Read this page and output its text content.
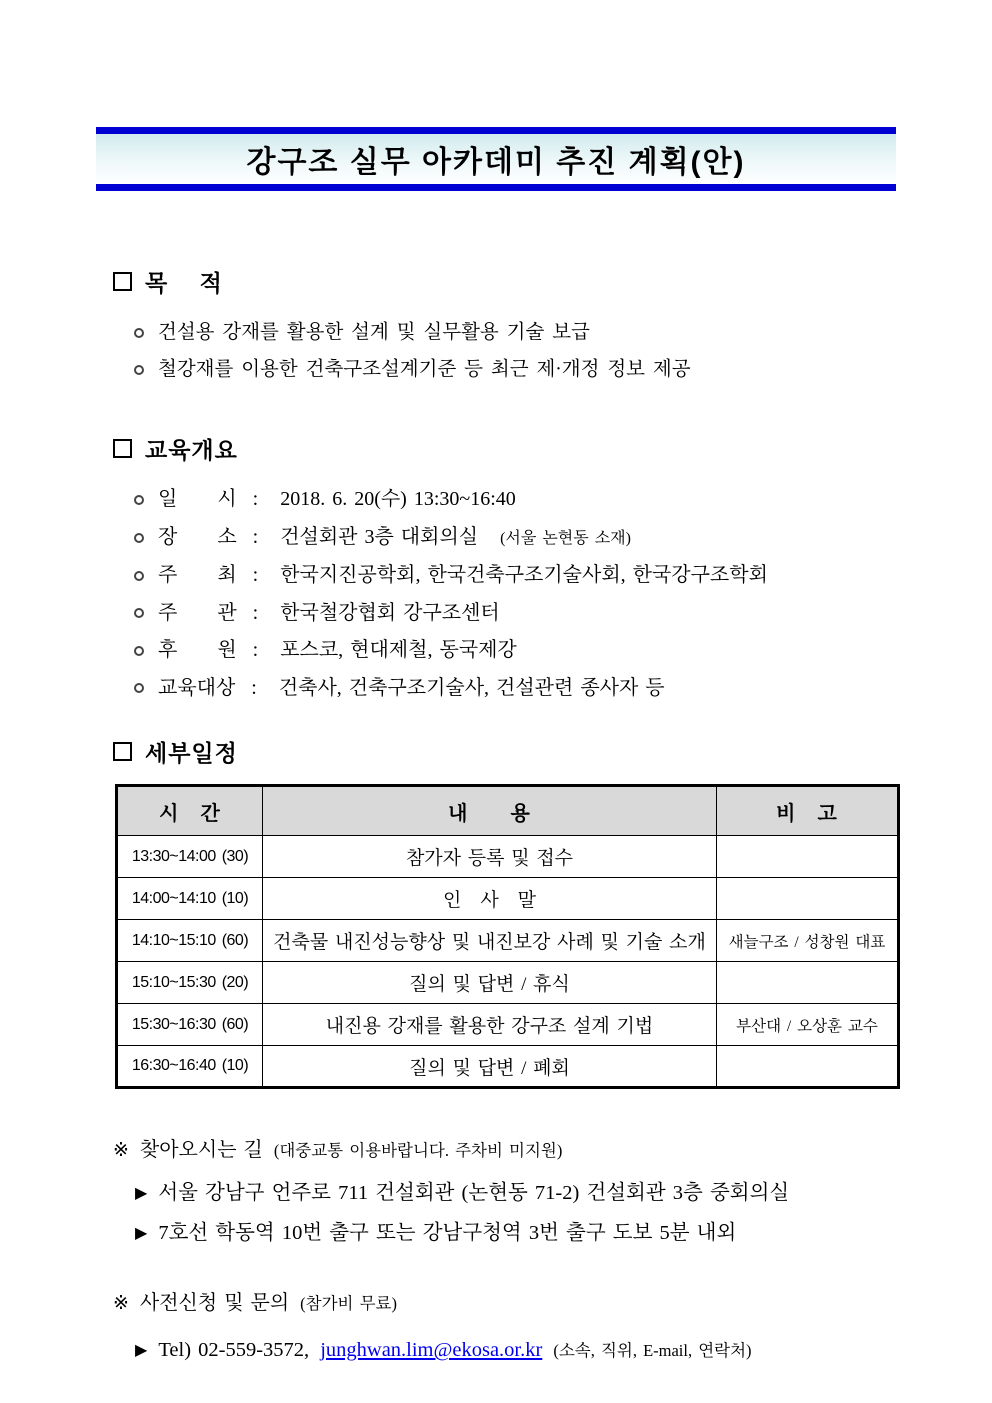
강구조 실무 아카데미 추진 계획(안)
목　 적
건설용 강재를 활용한 설계 및 실무활용 기술 보급
철강재를 이용한 건축구조설계기준 등 최근 제·개정 정보 제공
교육개요
일　　시 : 2018. 6. 20(수) 13:30~16:40
장　　소 : 건설회관 3층 대회의실 (서울 논현동 소재)
주　　최 : 한국지진공학회, 한국건축구조기술사회, 한국강구조학회
주　　관 : 한국철강협회 강구조센터
후　　원 : 포스코, 현대제철, 동국제강
교육대상 : 건축사, 건축구조기술사, 건설관련 종사자 등
세부일정
시　간	내　　용	비　고
13:30~14:00 (30)	참가자 등록 및 접수	
14:00~14:10 (10)	인　사　말	
14:10~15:10 (60)	건축물 내진성능향상 및 내진보강 사례 및 기술 소개	새늘구조 / 성창원 대표
15:10~15:30 (20)	질의 및 답변 / 휴식	
15:30~16:30 (60)	내진용 강재를 활용한 강구조 설계 기법	부산대 / 오상훈 교수
16:30~16:40 (10)	질의 및 답변 / 폐회	
※ 찾아오시는 길 (대중교통 이용바랍니다. 주차비 미지원)
▶ 서울 강남구 언주로 711 건설회관 (논현동 71-2) 건설회관 3층 중회의실
▶ 7호선 학동역 10번 출구 또는 강남구청역 3번 출구 도보 5분 내외
※ 사전신청 및 문의 (참가비 무료)
▶ Tel) 02-559-3572, junghwan.lim@ekosa.or.kr (소속, 직위, E-mail, 연락처)
